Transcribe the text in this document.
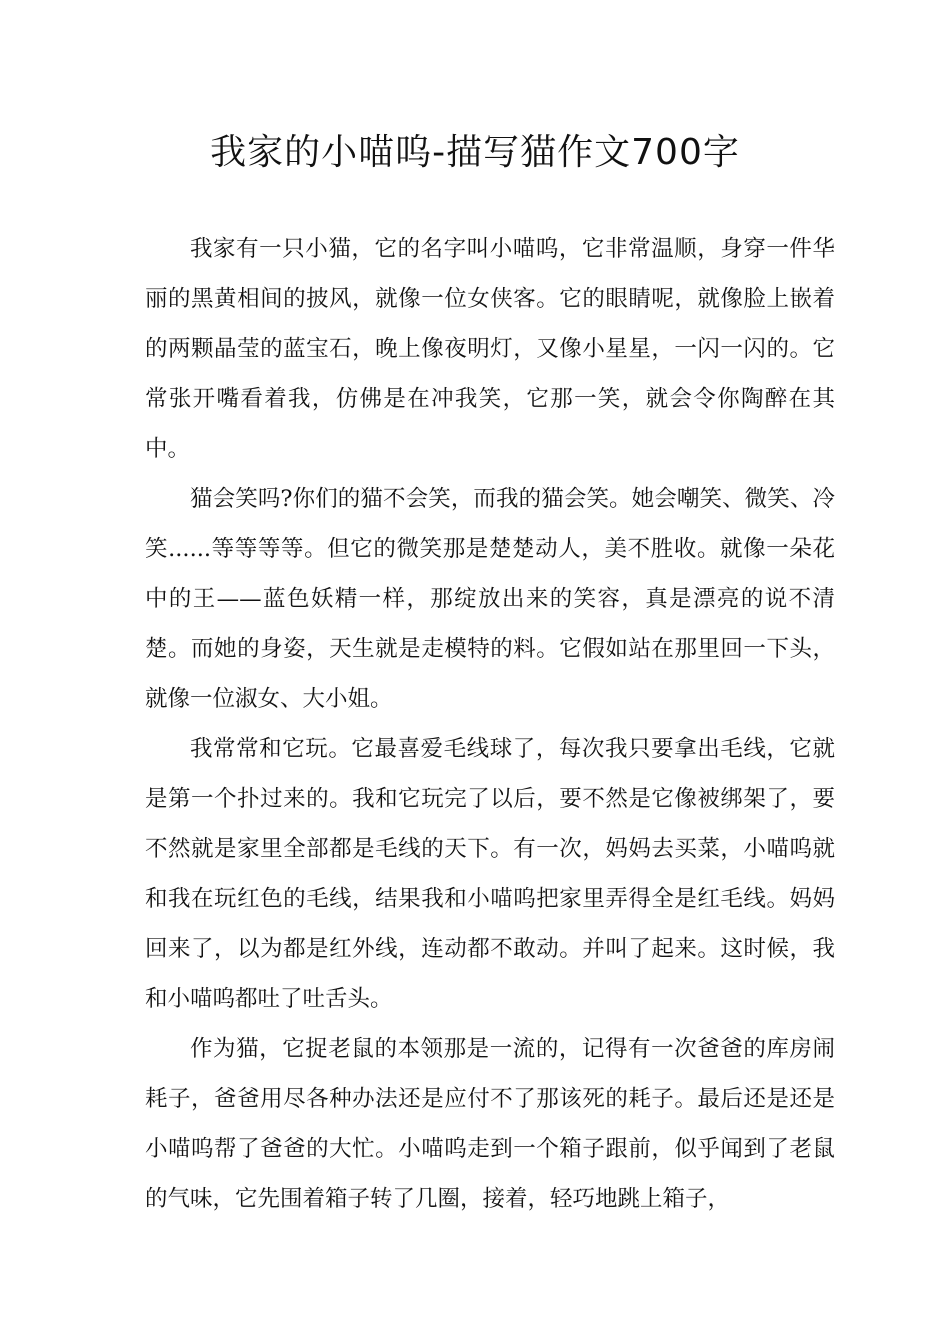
我家的小喵呜-描写猫作文700字

我家有一只小猫，它的名字叫小喵呜，它非常温顺，身穿一件华丽的黑黄相间的披风，就像一位女侠客。它的眼睛呢，就像脸上嵌着的两颗晶莹的蓝宝石，晚上像夜明灯，又像小星星，一闪一闪的。它常张开嘴看着我，仿佛是在冲我笑，它那一笑，就会令你陶醉在其中。

猫会笑吗?你们的猫不会笑，而我的猫会笑。她会嘲笑、微笑、冷笑......等等等等。但它的微笑那是楚楚动人，美不胜收。就像一朵花中的王——蓝色妖精一样，那绽放出来的笑容，真是漂亮的说不清楚。而她的身姿，天生就是走模特的料。它假如站在那里回一下头，就像一位淑女、大小姐。

我常常和它玩。它最喜爱毛线球了，每次我只要拿出毛线，它就是第一个扑过来的。我和它玩完了以后，要不然是它像被绑架了，要不然就是家里全部都是毛线的天下。有一次，妈妈去买菜，小喵呜就和我在玩红色的毛线，结果我和小喵呜把家里弄得全是红毛线。妈妈回来了，以为都是红外线，连动都不敢动。并叫了起来。这时候，我和小喵呜都吐了吐舌头。

作为猫，它捉老鼠的本领那是一流的，记得有一次爸爸的库房闹耗子，爸爸用尽各种办法还是应付不了那该死的耗子。最后还是还是小喵呜帮了爸爸的大忙。小喵呜走到一个箱子跟前，似乎闻到了老鼠的气味，它先围着箱子转了几圈，接着，轻巧地跳上箱子，
